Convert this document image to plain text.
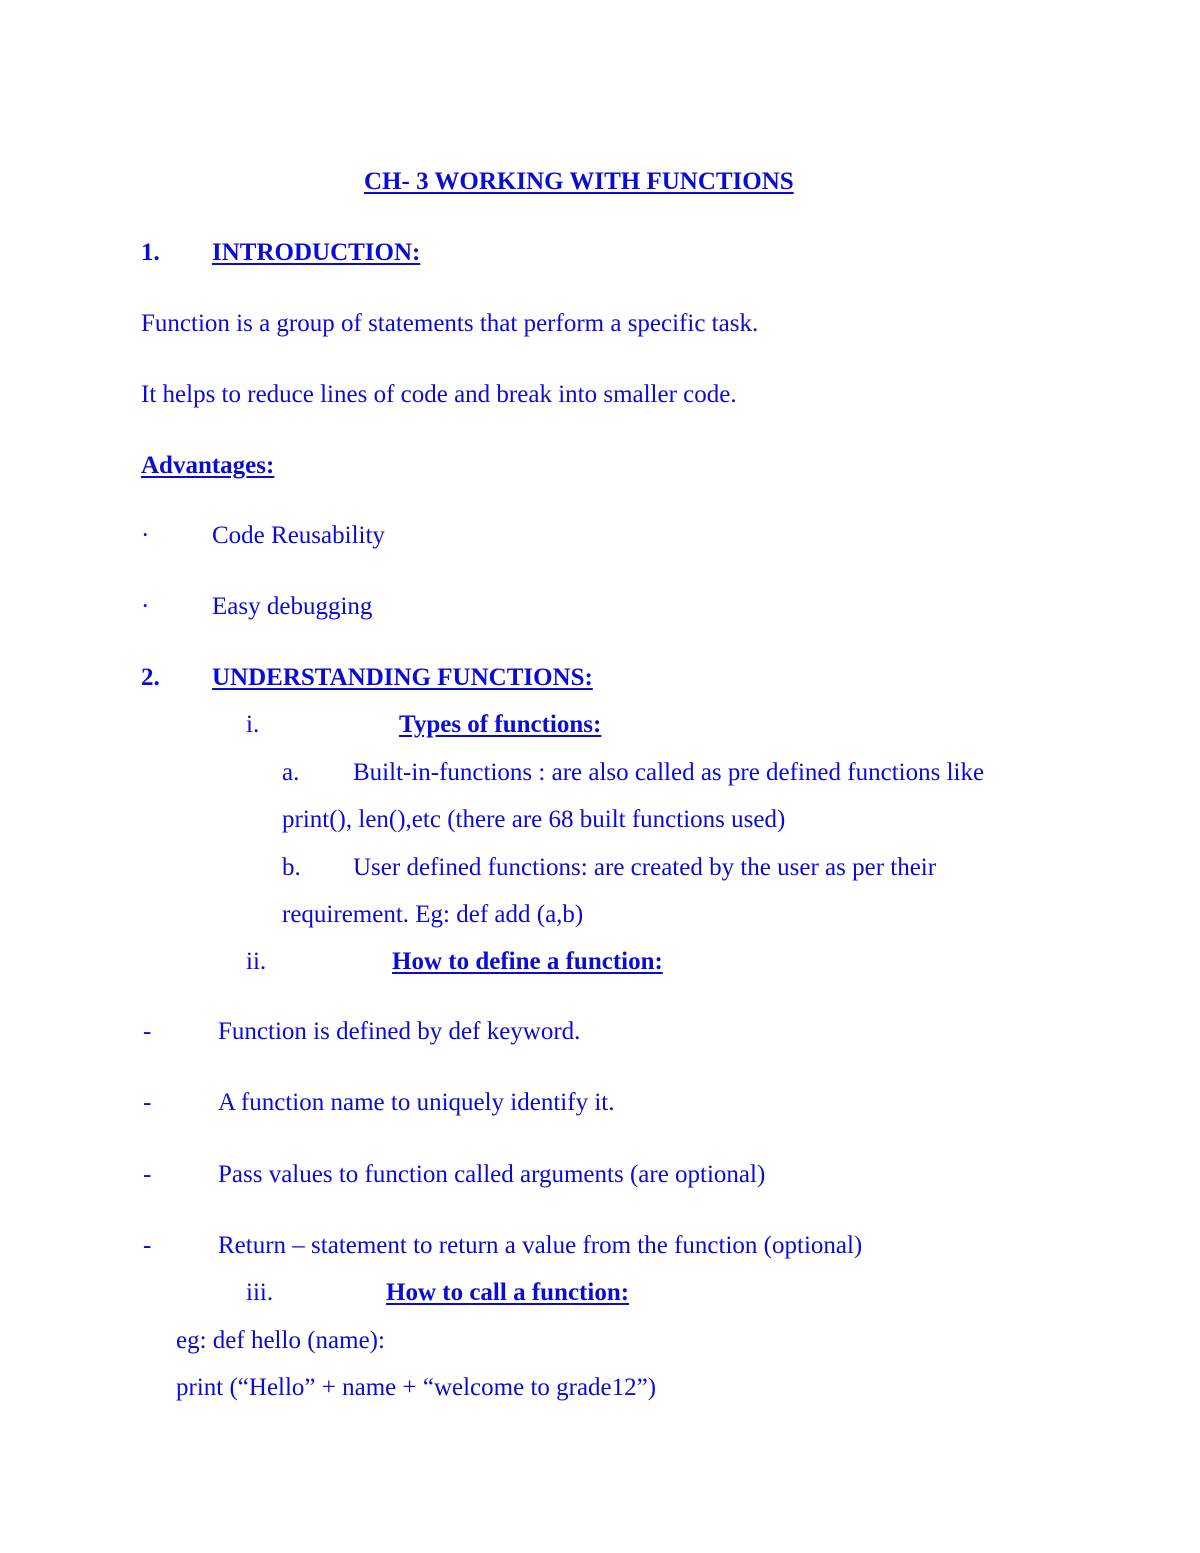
CH- 3 WORKING WITH FUNCTIONS
1. INTRODUCTION:
Function is a group of statements that perform a specific task.
It helps to reduce lines of code and break into smaller code.
Advantages:
·	Code Reusability
·	Easy debugging
2. UNDERSTANDING FUNCTIONS:
i.	Types of functions:
a. Built-in-functions : are also called as pre defined functions like
print(), len(),etc (there are 68 built functions used)
b. User defined functions: are created by the user as per their
requirement. Eg: def add (a,b)
ii.	How to define a function:
-	Function is defined by def keyword.
-	A function name to uniquely identify it.
-	Pass values to function called arguments (are optional)
-	Return – statement to return a value from the function (optional)
iii.	How to call a function:
eg: def hello (name):
print (“Hello” + name + “welcome to grade12”)
